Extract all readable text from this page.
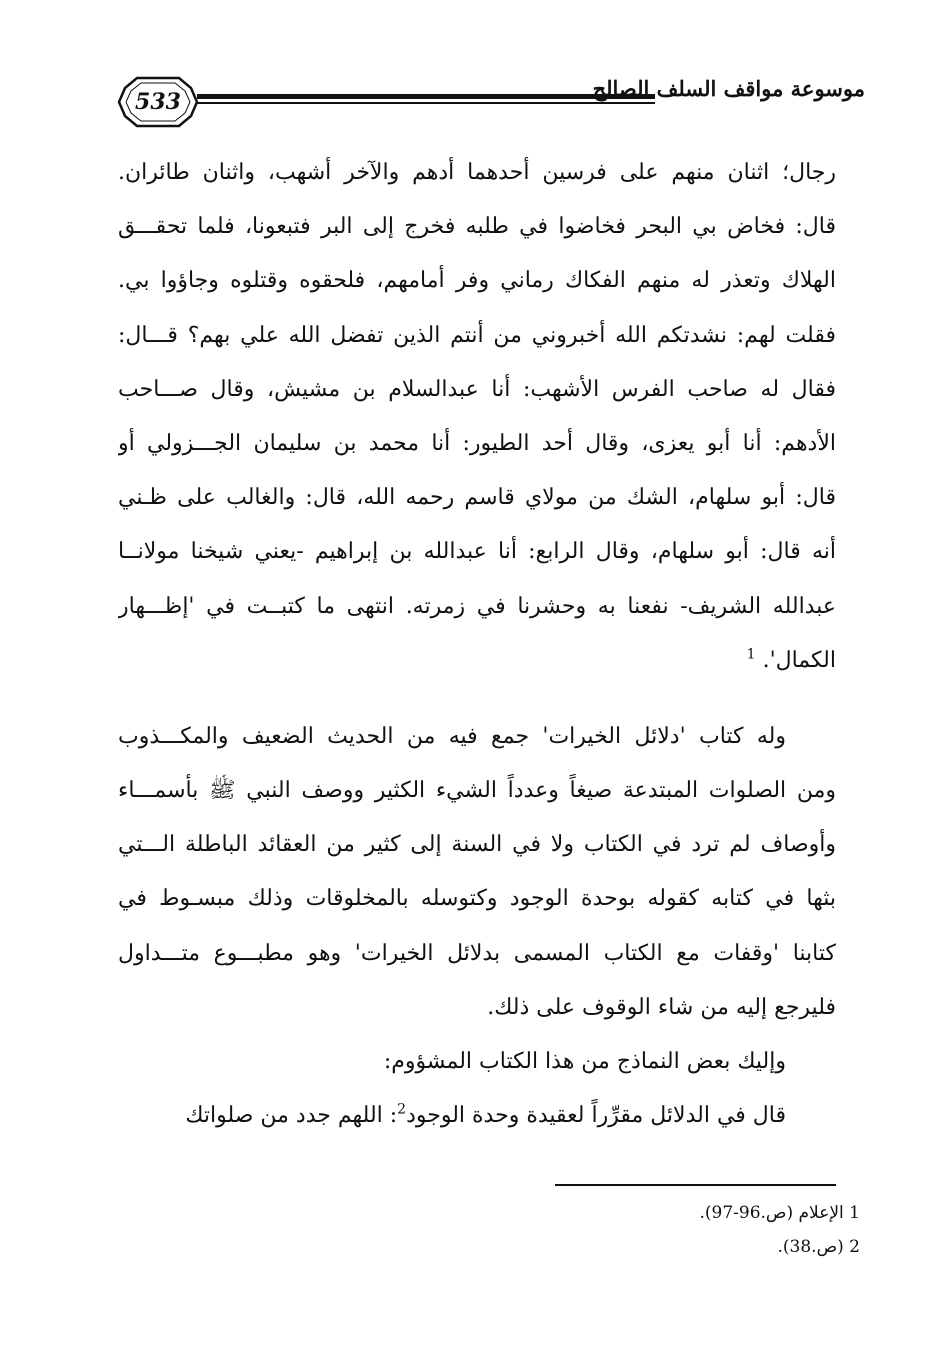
533
موسوعة مواقف السلف الصالح
رجال؛ اثنان منهم على فرسين أحدهما أدهم والآخر أشهب، واثنان طائران.
قال: فخاض بي البحر فخاضوا في طلبه فخرج إلى البر فتبعونا، فلما تحقـــق
الهلاك وتعذر له منهم الفكاك رماني وفر أمامهم، فلحقوه وقتلوه وجاؤوا بي.
فقلت لهم: نشدتكم الله أخبروني من أنتم الذين تفضل الله علي بهم؟ قـــال:
فقال له صاحب الفرس الأشهب: أنا عبدالسلام بن مشيش، وقال صـــاحب
الأدهم: أنا أبو يعزى، وقال أحد الطيور: أنا محمد بن سليمان الجـــزولي أو
قال: أبو سلهام، الشك من مولاي قاسم رحمه الله، قال: والغالب على ظـني
أنه قال: أبو سلهام، وقال الرابع: أنا عبدالله بن إبراهيم -يعني شيخنا مولانــا
عبدالله الشريف- نفعنا به وحشرنا في زمرته. انتهى ما كتبــت في 'إظـــهار
الكمال'. $^1$
وله كتاب 'دلائل الخيرات' جمع فيه من الحديث الضعيف والمكـــذوب
ومن الصلوات المبتدعة صيغاً وعدداً الشيء الكثير ووصف النبي ﷺ بأسمـــاء
وأوصاف لم ترد في الكتاب ولا في السنة إلى كثير من العقائد الباطلة الـــتي
بثها في كتابه كقوله بوحدة الوجود وكتوسله بالمخلوقات وذلك مبسـوط في
كتابنا 'وقفات مع الكتاب المسمى بدلائل الخيرات' وهو مطبـــوع متـــداول
فليرجع إليه من شاء الوقوف على ذلك.
وإليك بعض النماذج من هذا الكتاب المشؤوم:
قال في الدلائل مقرِّراً لعقيدة وحدة الوجود$^2$: اللهم جدد من صلواتك
1 الإعلام (ص.96-97).
2 (ص.38).
